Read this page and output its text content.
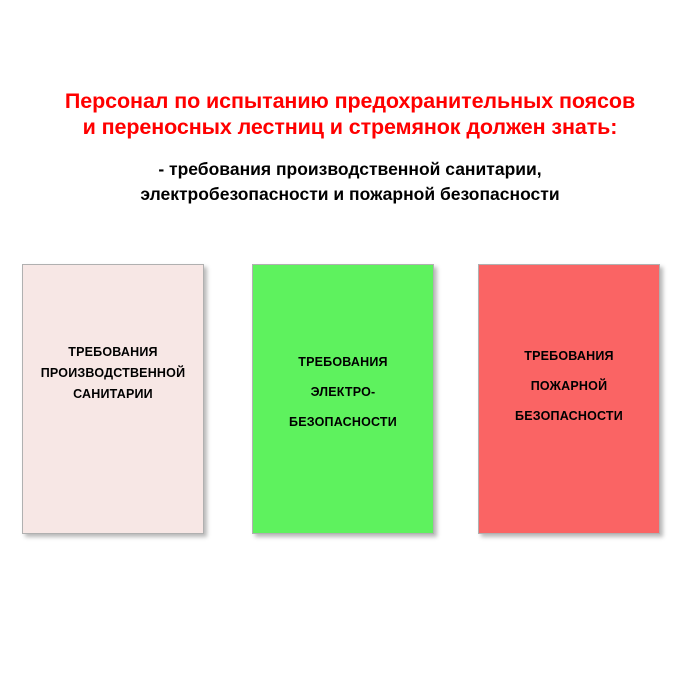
Персонал по испытанию предохранительных поясов
и переносных лестниц и стремянок должен знать:
- требования производственной санитарии,
электробезопасности и пожарной безопасности
ТРЕБОВАНИЯ
ПРОИЗВОДСТВЕННОЙ
САНИТАРИИ
ТРЕБОВАНИЯ
ЭЛЕКТРО-
БЕЗОПАСНОСТИ
ТРЕБОВАНИЯ
ПОЖАРНОЙ
БЕЗОПАСНОСТИ
